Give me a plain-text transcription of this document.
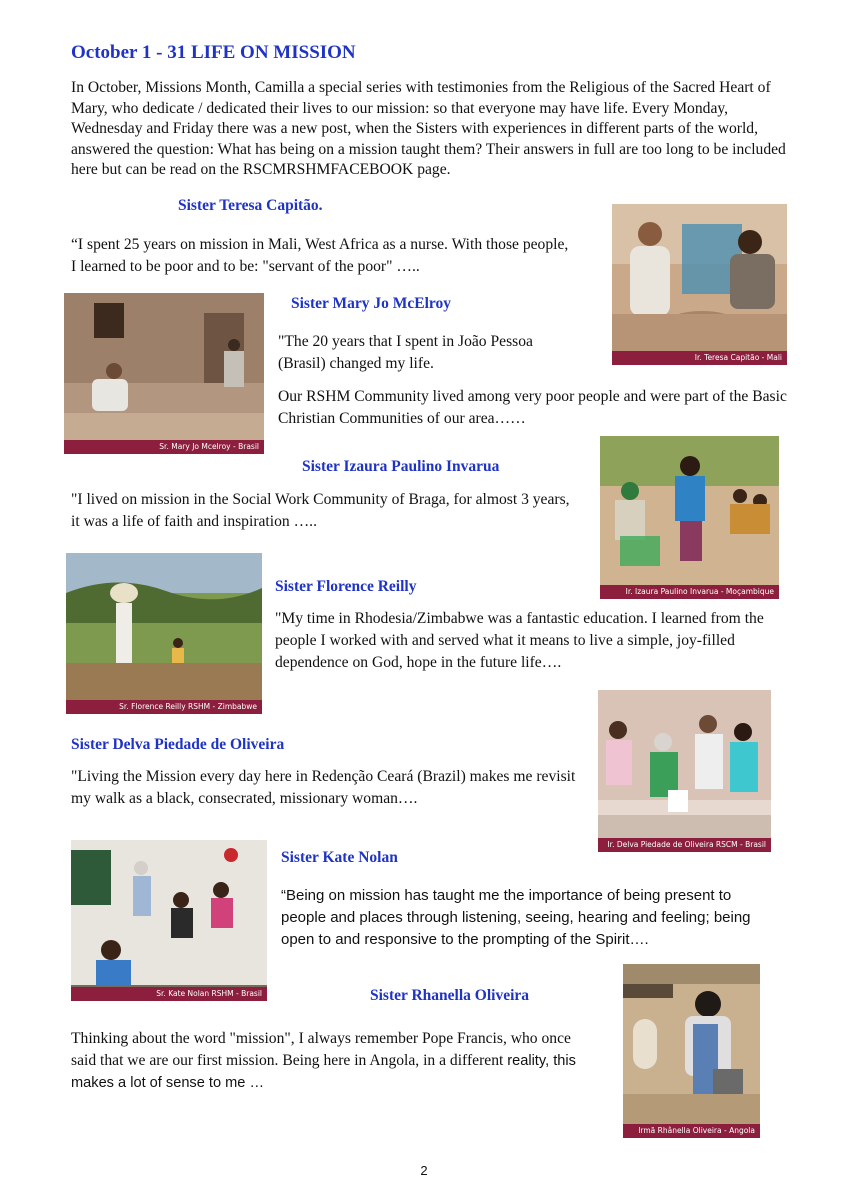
October 1 - 31 LIFE ON MISSION
In October, Missions Month, Camilla a special series with testimonies from the Religious of the Sacred Heart of Mary, who dedicate / dedicated their lives to our mission: so that everyone may have life. Every Monday, Wednesday and Friday there was a new post, when the Sisters with experiences in different parts of the world, answered the question: What has being on a mission taught them? Their answers in full are too long to be included here but can be read on the RSCMRSHMFACEBOOK page.
Sister Teresa Capitão.
“I spent 25 years on mission in Mali, West Africa as a nurse. With those people, I learned to be poor and to be: "servant of the poor" …..
Ir. Teresa Capitão - Mali
Sr. Mary Jo Mcelroy - Brasil
Sister Mary Jo McElroy
"The 20 years that I spent in João Pessoa (Brasil) changed my life.
Our RSHM Community lived among very poor people and were part of the Basic Christian Communities of our area……
Sister Izaura Paulino Invarua
"I lived on mission in the Social Work Community of Braga, for almost 3 years, it was a life of faith and inspiration …..
Ir. Izaura Paulino Invarua - Moçambique
Sr. Florence Reilly RSHM - Zimbabwe
Sister Florence Reilly
"My time in Rhodesia/Zimbabwe was a fantastic education. I learned from the people I worked with and served what it means to live a simple, joy-filled dependence on God, hope in the future life….
Sister Delva Piedade de Oliveira
"Living the Mission every day here in Redenção Ceará (Brazil) makes me revisit my walk as a black, consecrated, missionary woman….
Ir. Delva Piedade de Oliveira RSCM - Brasil
Sr. Kate Nolan RSHM - Brasil
Sister Kate Nolan
“Being on mission has taught me the importance of being present to people and places through listening, seeing, hearing and feeling; being open to and responsive to the prompting of the Spirit….
Sister Rhanella Oliveira
Thinking about the word "mission", I always remember Pope Francis, who once said that we are our first mission. Being here in Angola, in a different reality, this makes a lot of sense to me …
Irmã Rhânella Oliveira - Angola
2
